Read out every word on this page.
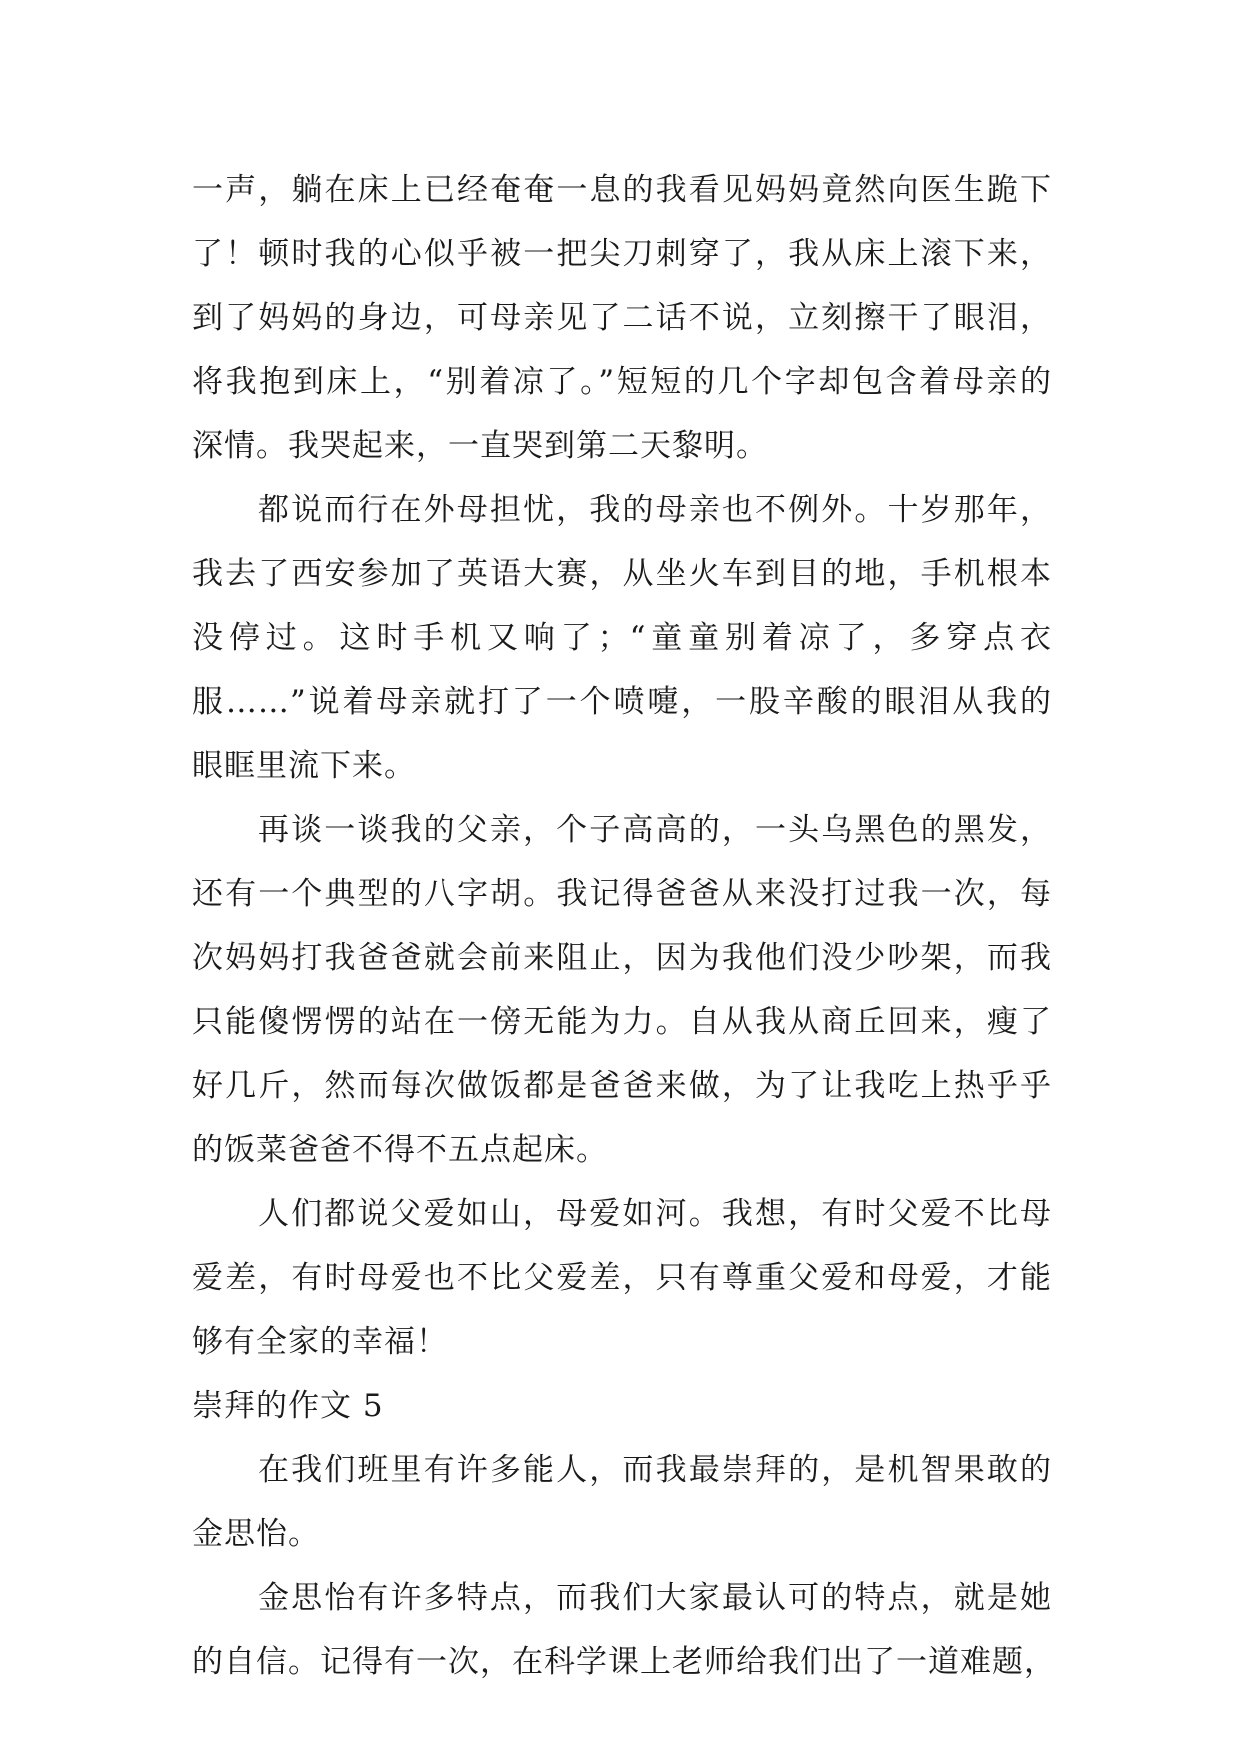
一声，躺在床上已经奄奄一息的我看见妈妈竟然向医生跪下
了！顿时我的心似乎被一把尖刀刺穿了，我从床上滚下来，
到了妈妈的身边，可母亲见了二话不说，立刻擦干了眼泪，
将我抱到床上，“别着凉了。”短短的几个字却包含着母亲的
深情。我哭起来，一直哭到第二天黎明。
都说而行在外母担忧，我的母亲也不例外。十岁那年，
我去了西安参加了英语大赛，从坐火车到目的地，手机根本
没停过。这时手机又响了；“童童别着凉了，多穿点衣
服……”说着母亲就打了一个喷嚏，一股辛酸的眼泪从我的
眼眶里流下来。
再谈一谈我的父亲，个子高高的，一头乌黑色的黑发，
还有一个典型的八字胡。我记得爸爸从来没打过我一次，每
次妈妈打我爸爸就会前来阻止，因为我他们没少吵架，而我
只能傻愣愣的站在一傍无能为力。自从我从商丘回来，瘦了
好几斤，然而每次做饭都是爸爸来做，为了让我吃上热乎乎
的饭菜爸爸不得不五点起床。
人们都说父爱如山，母爱如河。我想，有时父爱不比母
爱差，有时母爱也不比父爱差，只有尊重父爱和母爱，才能
够有全家的幸福！
崇拜的作文 5
在我们班里有许多能人，而我最崇拜的，是机智果敢的
金思怡。
金思怡有许多特点，而我们大家最认可的特点，就是她
的自信。记得有一次，在科学课上老师给我们出了一道难题，
